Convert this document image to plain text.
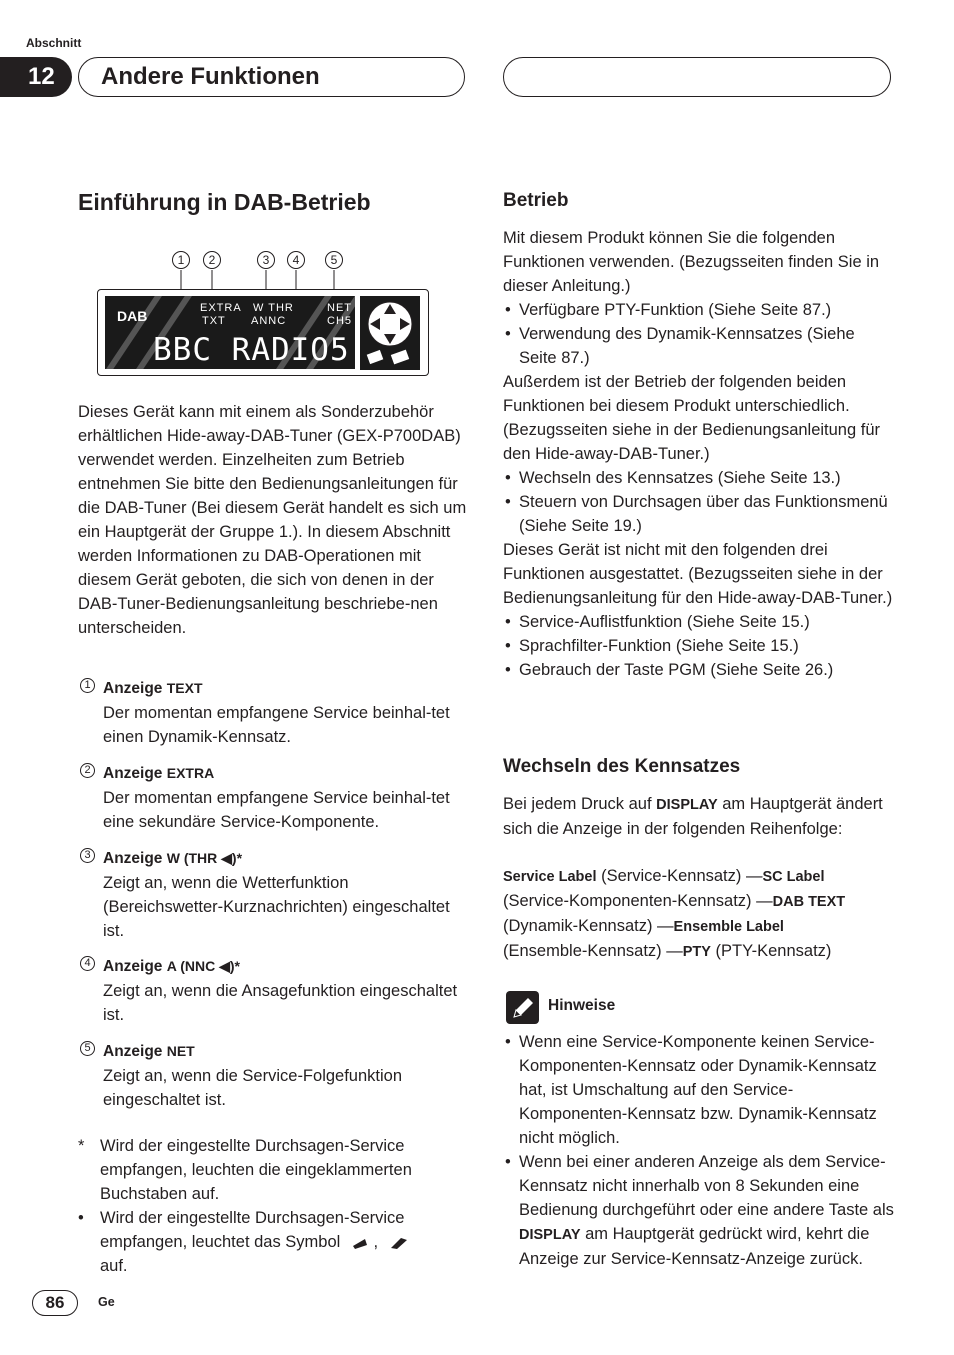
Abschnitt
12	Andere Funktionen
Einführung in DAB-Betrieb
1	2	3	4	5
DAB	EXTRA
TXT
W THR
ANNC
NET
CH5
BBC RADIO5
Dieses Gerät kann mit einem als Sonderzubehör erhältlichen Hide-away-DAB-Tuner (GEX-P700DAB) verwendet werden. Einzelheiten zum Betrieb entnehmen Sie bitte den Bedienungsanleitungen für die DAB-Tuner (Bei diesem Gerät handelt es sich um ein Hauptgerät der Gruppe 1.). In diesem Abschnitt werden Informationen zu DAB-Operationen mit diesem Gerät geboten, die sich von denen in der DAB-Tuner-Bedienungsanleitung beschriebe-nen unterscheiden.
1 Anzeige TEXT
Der momentan empfangene Service beinhal-tet einen Dynamik-Kennsatz.
2 Anzeige EXTRA
Der momentan empfangene Service beinhal-tet eine sekundäre Service-Komponente.
3 Anzeige W (THR ◀)*
Zeigt an, wenn die Wetterfunktion (Bereichswetter-Kurznachrichten) eingeschaltet ist.
4 Anzeige A (NNC ◀)*
Zeigt an, wenn die Ansagefunktion eingeschaltet ist.
5 Anzeige NET
Zeigt an, wenn die Service-Folgefunktion eingeschaltet ist.
* Wird der eingestellte Durchsagen-Service empfangen, leuchten die eingeklammerten Buchstaben auf.
• Wird der eingestellte Durchsagen-Service empfangen, leuchtet das Symbol ,
auf.
Betrieb

Mit diesem Produkt können Sie die folgenden Funktionen verwenden. (Bezugsseiten finden Sie in dieser Anleitung.)

• Verfügbare PTY-Funktion (Siehe Seite 87.)
• Verwendung des Dynamik-Kennsatzes (Siehe Seite 87.)

Außerdem ist der Betrieb der folgenden beiden Funktionen bei diesem Produkt unterschiedlich. (Bezugsseiten siehe in der Bedienungsanleitung für den Hide-away-DAB-Tuner.)

• Wechseln des Kennsatzes (Siehe Seite 13.)
• Steuern von Durchsagen über das Funktionsmenü (Siehe Seite 19.)

Dieses Gerät ist nicht mit den folgenden drei Funktionen ausgestattet. (Bezugsseiten siehe in der Bedienungsanleitung für den Hide-away-DAB-Tuner.)

• Service-Auflistfunktion (Siehe Seite 15.)
• Sprachfilter-Funktion (Siehe Seite 15.)
• Gebrauch der Taste PGM (Siehe Seite 26.)
Wechseln des Kennsatzes
Bei jedem Druck auf DISPLAY am Hauptgerät ändert sich die Anzeige in der folgenden Reihenfolge:
Service Label (Service-Kennsatz) —SC Label
(Service-Komponenten-Kennsatz) —DAB TEXT
(Dynamik-Kennsatz) —Ensemble Label
(Ensemble-Kennsatz) —PTY (PTY-Kennsatz)
Hinweise
• Wenn eine Service-Komponente keinen Service-Komponenten-Kennsatz oder Dynamik-Kennsatz hat, ist Umschaltung auf den Service-Komponenten-Kennsatz bzw. Dynamik-Kennsatz nicht möglich.
• Wenn bei einer anderen Anzeige als dem Service-Kennsatz nicht innerhalb von 8 Sekunden eine Bedienung durchgeführt oder eine andere Taste als DISPLAY am Hauptgerät gedrückt wird, kehrt die Anzeige zur Service-Kennsatz-Anzeige zurück.
86	Ge
